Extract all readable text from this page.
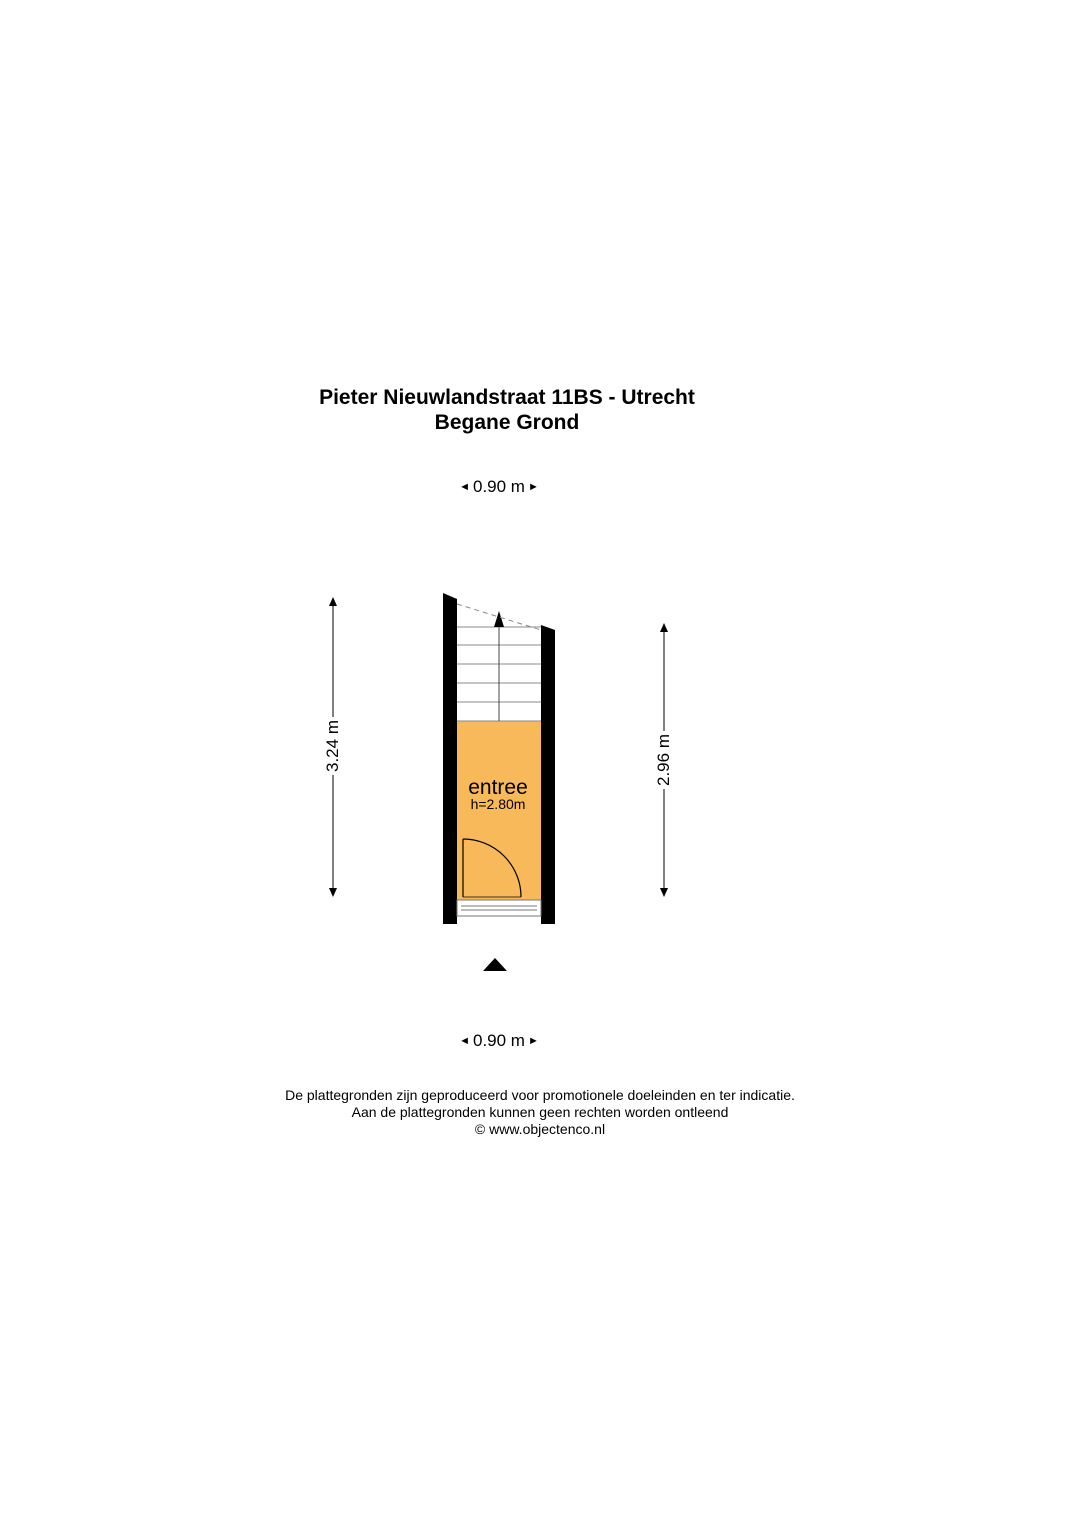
Pieter Nieuwlandstraat 11BS - Utrecht
Begane Grond
◄ 0.90 m ►
entree
h=2.80m
3.24 m	2.96 m
◄ 0.90 m ►
De plattegronden zijn geproduceerd voor promotionele doeleinden en ter indicatie.
Aan de plattegronden kunnen geen rechten worden ontleend
© www.objectenco.nl
